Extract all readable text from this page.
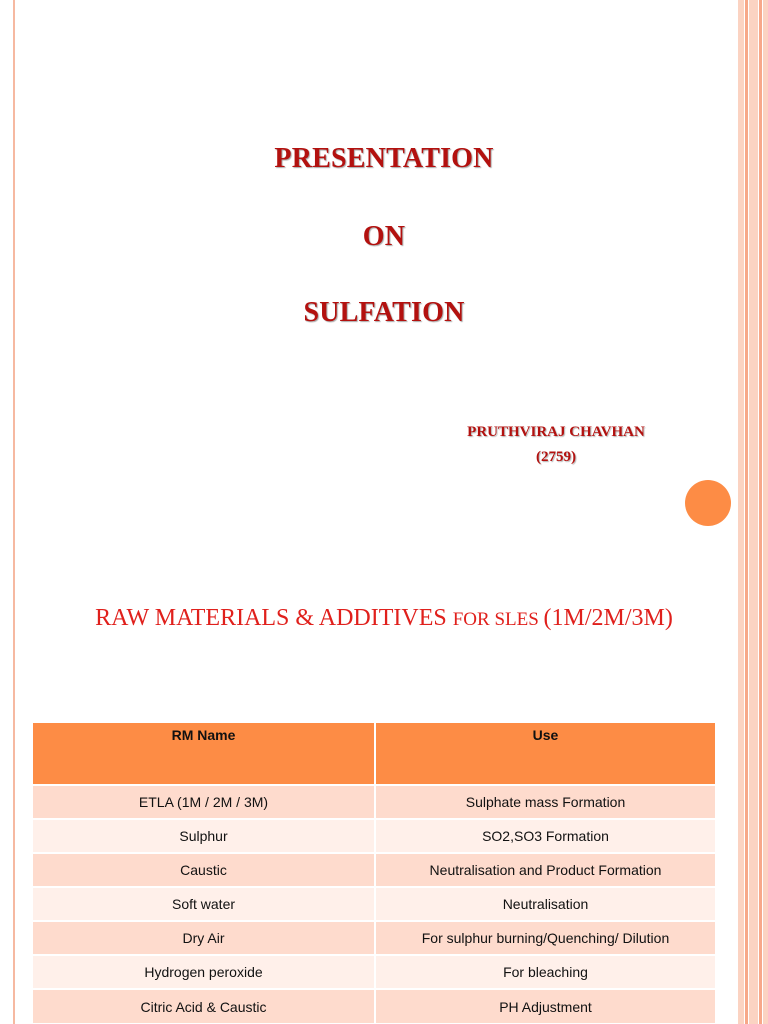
PRESENTATION
ON
SULFATION
PRUTHVIRAJ CHAVHAN
(2759)
RAW MATERIALS & ADDITIVES FOR SLES (1M/2M/3M)
RM Name	Use
ETLA (1M / 2M / 3M)	Sulphate mass Formation
Sulphur	SO2,SO3 Formation
Caustic	Neutralisation and Product Formation
Soft water	Neutralisation
Dry Air	For sulphur burning/Quenching/ Dilution
Hydrogen peroxide	For bleaching
Citric Acid & Caustic	PH Adjustment
